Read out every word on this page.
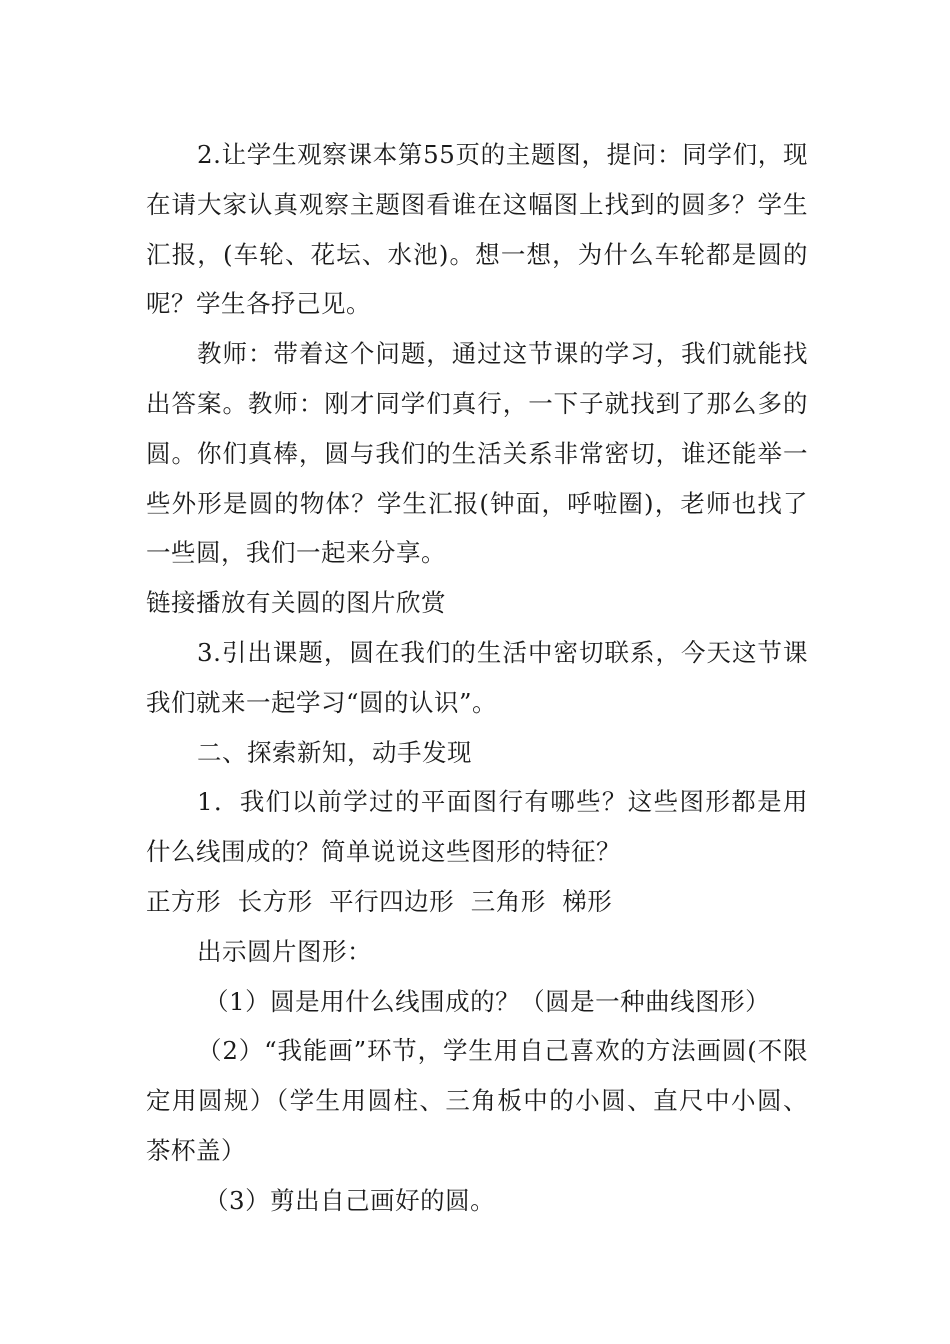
2.让学生观察课本第55页的主题图，提问：同学们，现在请大家认真观察主题图看谁在这幅图上找到的圆多？学生汇报，(车轮、花坛、水池)。想一想，为什么车轮都是圆的呢？学生各抒己见。

教师：带着这个问题，通过这节课的学习，我们就能找出答案。教师：刚才同学们真行，一下子就找到了那么多的圆。你们真棒，圆与我们的生活关系非常密切，谁还能举一些外形是圆的物体？学生汇报(钟面，呼啦圈)，老师也找了一些圆，我们一起来分享。

链接播放有关圆的图片欣赏

3.引出课题，圆在我们的生活中密切联系，今天这节课我们就来一起学习“圆的认识”。

二、探索新知，动手发现

1．我们以前学过的平面图行有哪些？这些图形都是用什么线围成的？简单说说这些图形的特征？

正方形  长方形  平行四边形  三角形  梯形

出示圆片图形：

（1）圆是用什么线围成的？（圆是一种曲线图形）

（2）“我能画”环节，学生用自己喜欢的方法画圆(不限定用圆规）（学生用圆柱、三角板中的小圆、直尺中小圆、茶杯盖）

（3）剪出自己画好的圆。
